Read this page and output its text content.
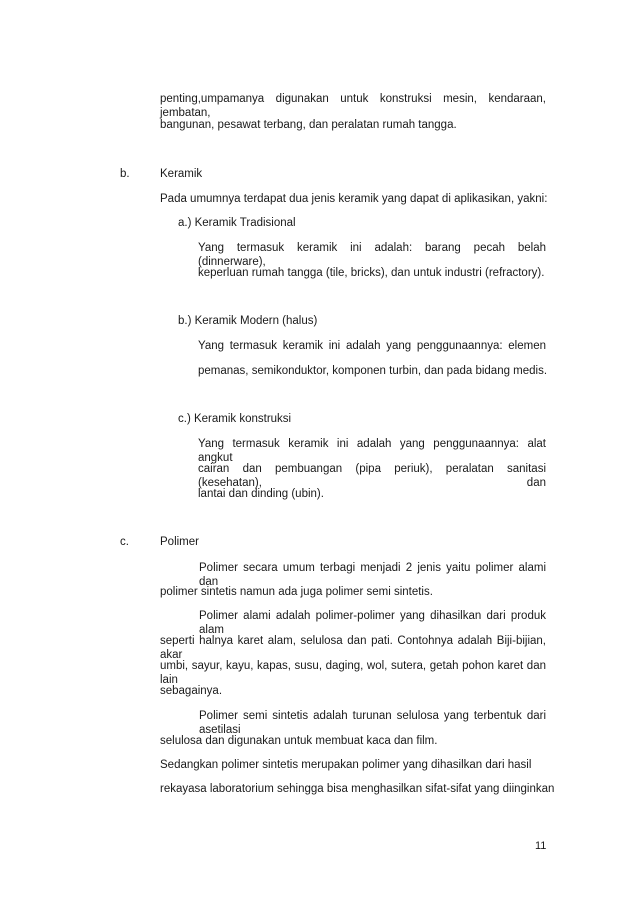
penting,umpamanya digunakan untuk konstruksi mesin, kendaraan, jembatan,
bangunan, pesawat terbang, dan peralatan rumah tangga.
b.	Keramik
Pada umumnya terdapat dua jenis keramik yang dapat di aplikasikan, yakni:
a.) Keramik Tradisional
Yang termasuk keramik ini adalah: barang pecah belah (dinnerware),
keperluan rumah tangga (tile, bricks), dan untuk industri (refractory).
b.) Keramik Modern (halus)
Yang termasuk keramik ini adalah yang penggunaannya: elemen
pemanas, semikonduktor, komponen turbin, dan pada bidang medis.
c.) Keramik konstruksi
Yang termasuk keramik ini adalah yang penggunaannya: alat angkut
cairan dan pembuangan (pipa periuk), peralatan sanitasi (kesehatan), dan
lantai dan dinding (ubin).
c.	Polimer
Polimer secara umum terbagi menjadi 2 jenis yaitu polimer alami dan
polimer sintetis namun ada juga polimer semi sintetis.
Polimer alami adalah polimer-polimer yang dihasilkan dari produk alam
seperti halnya karet alam, selulosa dan pati. Contohnya adalah Biji-bijian, akar
umbi, sayur, kayu, kapas, susu, daging, wol, sutera, getah pohon karet dan lain
sebagainya.
Polimer semi sintetis adalah turunan selulosa yang terbentuk dari asetilasi
selulosa dan digunakan untuk membuat kaca dan film.
Sedangkan polimer sintetis merupakan polimer yang dihasilkan dari hasil
rekayasa laboratorium sehingga bisa menghasilkan sifat-sifat yang diinginkan
11
